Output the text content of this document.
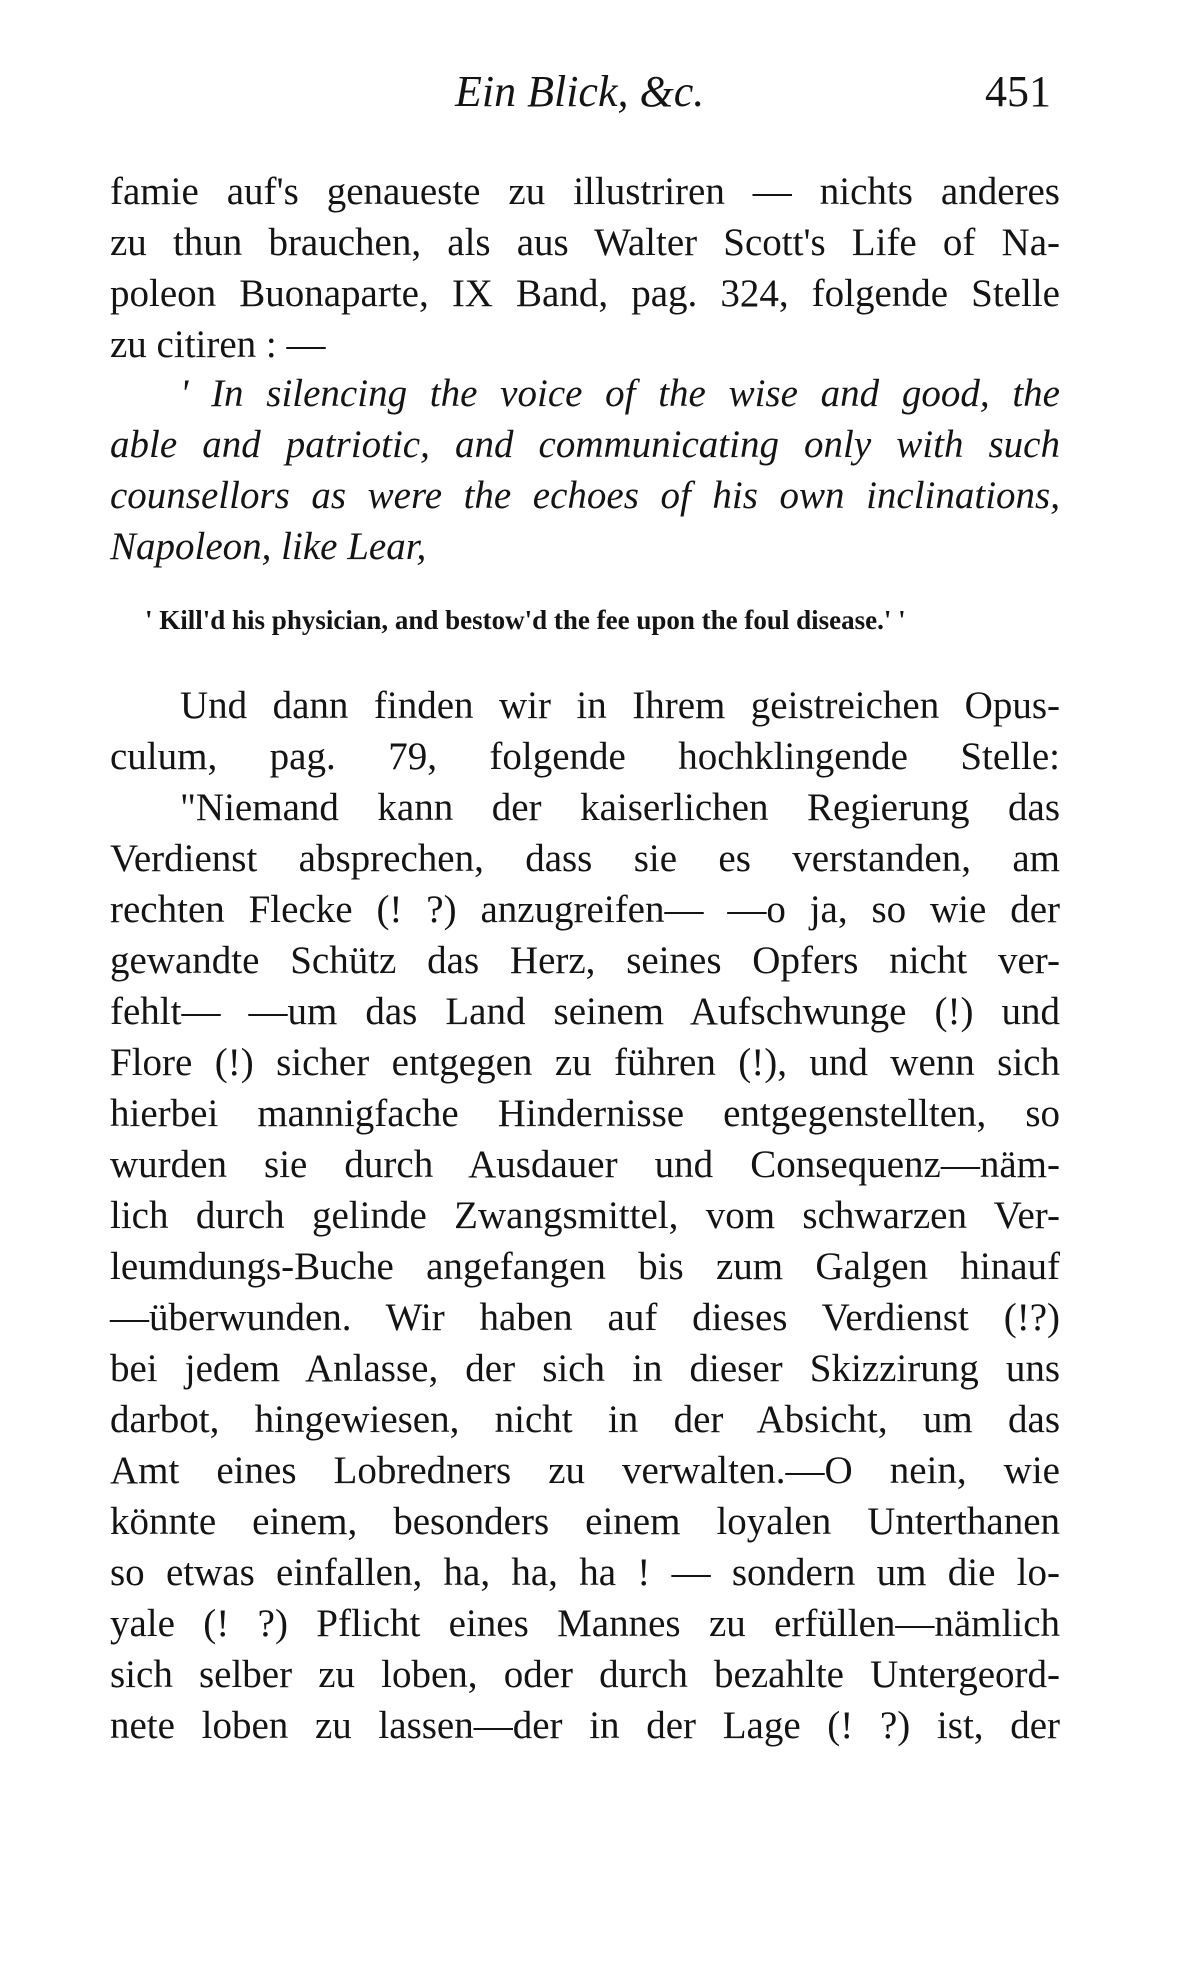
Ein Blick, &c.	451
famie auf's genaueste zu illustriren — nichts anderes
zu thun brauchen, als aus Walter Scott's Life of Na-
poleon Buonaparte, IX Band, pag. 324, folgende Stelle
zu citiren : —
' In silencing the voice of the wise and good, the
able and patriotic, and communicating only with such
counsellors as were the echoes of his own inclinations,
Napoleon, like Lear,
' Kill'd his physician, and bestow'd the fee upon the foul disease.' '
Und dann finden wir in Ihrem geistreichen Opus-
culum, pag. 79, folgende hochklingende Stelle:
"Niemand kann der kaiserlichen Regierung das
Verdienst absprechen, dass sie es verstanden, am
rechten Flecke (! ?) anzugreifen— —o ja, so wie der
gewandte Schütz das Herz, seines Opfers nicht ver-
fehlt— —um das Land seinem Aufschwunge (!) und
Flore (!) sicher entgegen zu führen (!), und wenn sich
hierbei mannigfache Hindernisse entgegenstellten, so
wurden sie durch Ausdauer und Consequenz—näm-
lich durch gelinde Zwangsmittel, vom schwarzen Ver-
leumdungs-Buche angefangen bis zum Galgen hinauf
—überwunden. Wir haben auf dieses Verdienst (!?)
bei jedem Anlasse, der sich in dieser Skizzirung uns
darbot, hingewiesen, nicht in der Absicht, um das
Amt eines Lobredners zu verwalten.—O nein, wie
könnte einem, besonders einem loyalen Unterthanen
so etwas einfallen, ha, ha, ha ! — sondern um die lo-
yale (! ?) Pflicht eines Mannes zu erfüllen—nämlich
sich selber zu loben, oder durch bezahlte Untergeord-
nete loben zu lassen—der in der Lage (! ?) ist, der
